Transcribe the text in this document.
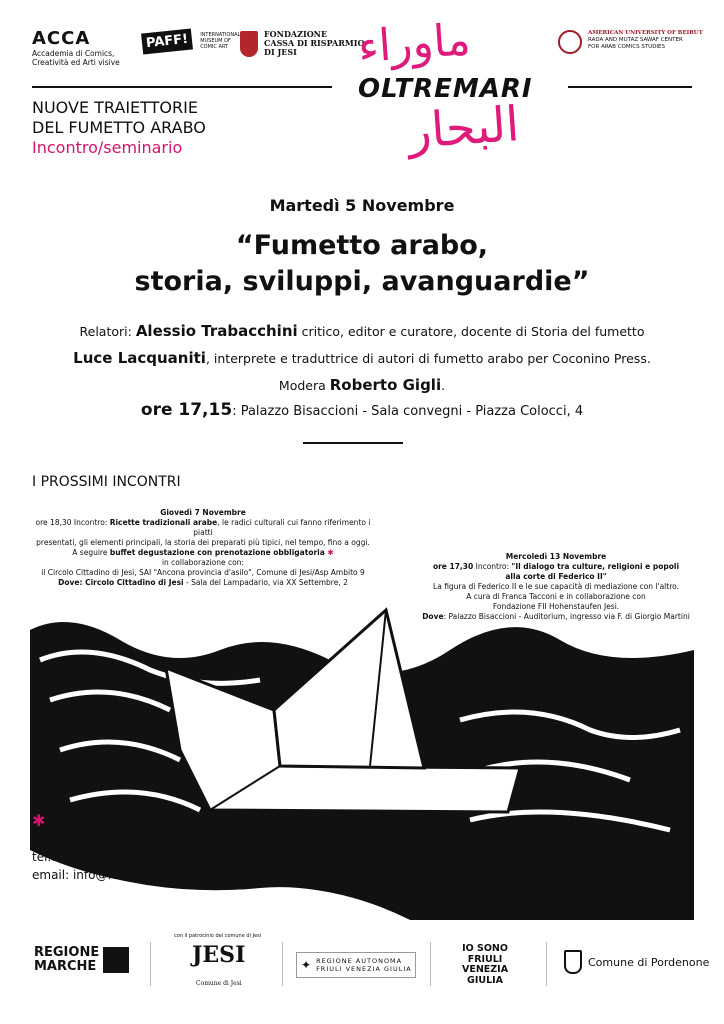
ACCA
Accademia di Comics,
Creatività ed Arti visive
PAFF! INTERNATIONAL MUSEUM OF COMIC ART
FONDAZIONE
CASSA DI RISPARMIO
DI JESI
AMERICAN UNIVERSITY OF BEIRUT
RADA AND MUTAZ SAWAF CENTER
FOR ARAB COMICS STUDIES
ماوراء
OLTREMARI
البحار
NUOVE TRAIETTORIE
DEL FUMETTO ARABO
Incontro/seminario
Martedì 5 Novembre
“Fumetto arabo,
storia, sviluppi, avanguardie”
Relatori: Alessio Trabacchini critico, editor e curatore, docente di Storia del fumetto
Luce Lacquaniti, interprete e traduttrice di autori di fumetto arabo per Coconino Press.
Modera Roberto Gigli.
ore 17,15: Palazzo Bisaccioni - Sala convegni - Piazza Colocci, 4
I PROSSIMI INCONTRI
Giovedì 7 Novembre
ore 18,30 Incontro: Ricette tradizionali arabe, le radici culturali cui fanno riferimento i piatti
presentati, gli elementi principali, la storia dei preparati più tipici, nel tempo, fino a oggi.
A seguire buffet degustazione con prenotazione obbligatoria ✱
in collaborazione con:
il Circolo Cittadino di Jesi, SAI "Ancona provincia d'asilo", Comune di Jesi/Asp Ambito 9
Dove: Circolo Cittadino di Jesi - Sala del Lampadario, via XX Settembre, 2
Mercoledì 13 Novembre
ore 17,30 Incontro: "Il dialogo tra culture, religioni e popoli
alla corte di Federico II"
La figura di Federico II e le sue capacità di mediazione con l'altro.
A cura di Franca Tacconi e in collaborazione con
Fondazione FII Hohenstaufen Jesi.
Dove: Palazzo Bisaccioni - Auditorium, ingresso via F. di Giorgio Martini
✱
info / Segreteria
tel.: +39 0731 207523
email: info@fondazionecrj.it
con il patrocinio del comune di Jesi
REGIONE
MARCHE	JESI
Comune di Jesi
✦ REGIONE AUTONOMA
FRIULI VENEZIA GIULIA
IO SONO
FRIULI
VENEZIA
GIULIA
Comune di Pordenone
